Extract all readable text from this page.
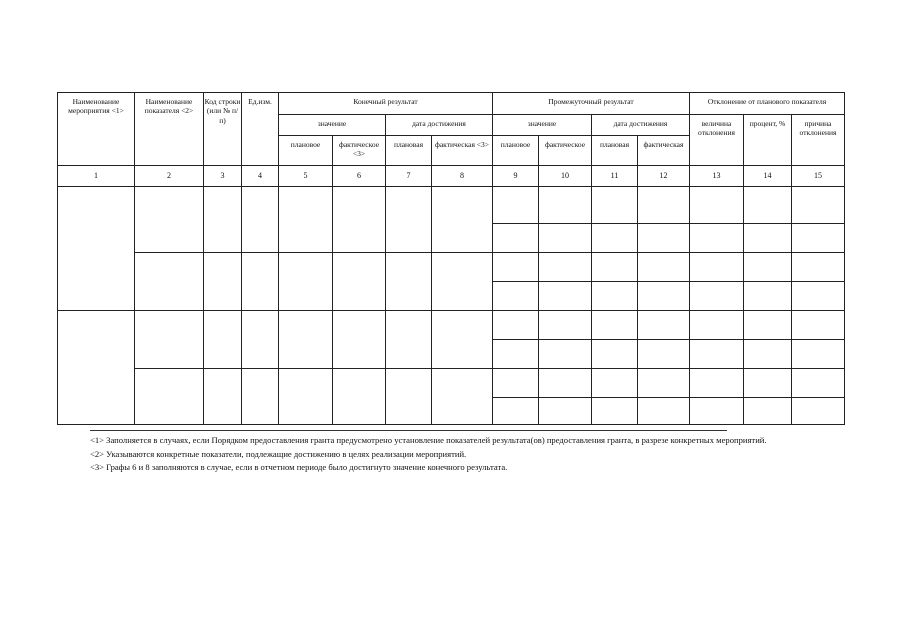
Наименование мероприятия <1>	Наименование показателя <2>	Код строки (или № п/п)	Ед.изм.	Конечный результат				Промежуточный результат				Отклонение от планового показателя		
				значение		дата достижения		значение		дата достижения		величина отклонения	процент, %	причина отклонения
				плановое	фактическое <3>	плановая	фактическая <3>	плановое	фактическое	плановая	фактическая			
1	2	3	4	5	6	7	8	9	10	11	12	13	14	15

<1> Заполняется в случаях, если Порядком предоставления гранта предусмотрено установление показателей результата(ов) предоставления гранта, в разрезе конкретных мероприятий.

<2> Указываются конкретные показатели, подлежащие достижению в целях реализации мероприятий.

<3> Графы 6 и 8 заполняются в случае, если в отчетном периоде было достигнуто значение конечного результата.
